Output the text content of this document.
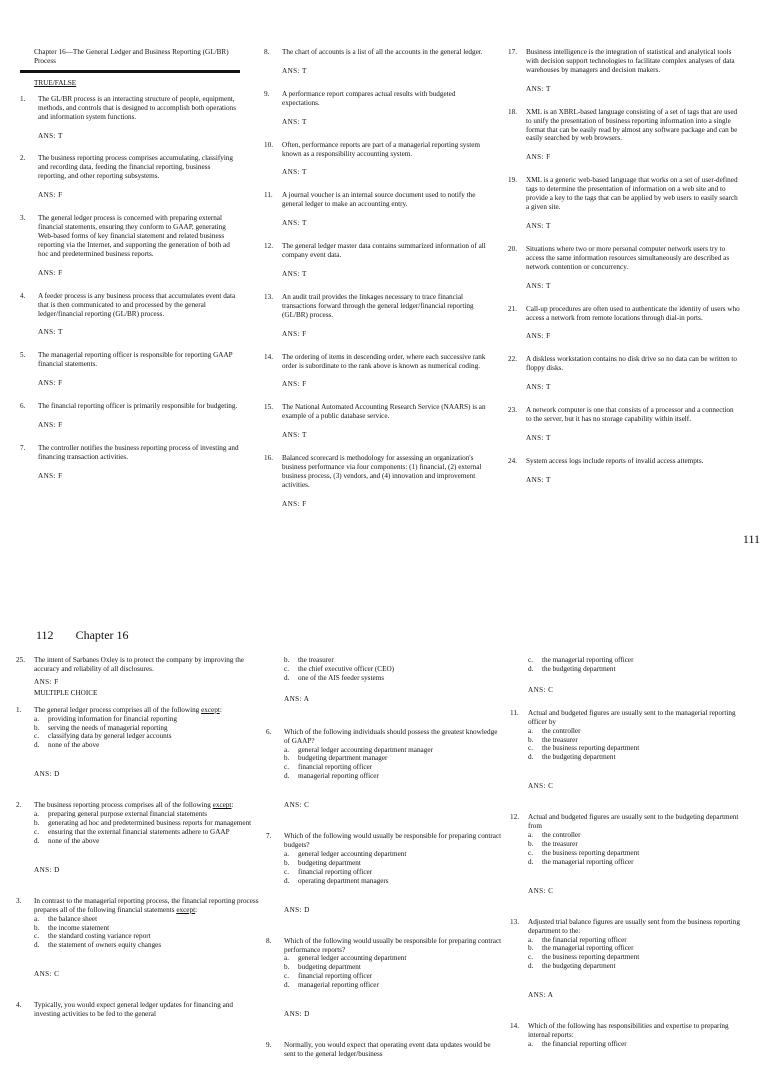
Chapter 16—The General Ledger and Business Reporting (GL/BR) Process
TRUE/FALSE
1.	The GL/BR process is an interacting structure of people, equipment, methods, and controls that is designed to accomplish both operations and information system functions.
ANS: T
2.	The business reporting process comprises accumulating, classifying and recording data, feeding the financial reporting, business reporting, and other reporting subsystems.
ANS: F
3.	The general ledger process is concerned with preparing external financial statements, ensuring they conform to GAAP, generating Web-based forms of key financial statement and related business reporting via the Internet, and supporting the generation of both ad hoc and predetermined business reports.
ANS: F
4.	A feeder process is any business process that accumulates event data that is then communicated to and processed by the general ledger/financial reporting (GL/BR) process.
ANS: T
5.	The managerial reporting officer is responsible for reporting GAAP financial statements.
ANS: F
6.	The financial reporting officer is primarily responsible for budgeting.
ANS: F
7.	The controller notifies the business reporting process of investing and financing transaction activities.
ANS: F
8.	The chart of accounts is a list of all the accounts in the general ledger.
ANS: T
9.	A performance report compares actual results with budgeted expectations.
ANS: T
10.	Often, performance reports are part of a managerial reporting system known as a responsibility accounting system.
ANS: T
11.	A journal voucher is an internal source document used to notify the general ledger to make an accounting entry.
ANS: T
12.	The general ledger master data contains summarized information of all company event data.
ANS: T
13.	An audit trail provides the linkages necessary to trace financial transactions forward through the general ledger/financial reporting (GL/BR) process.
ANS: F
14.	The ordering of items in descending order, where each successive rank order is subordinate to the rank above is known as numerical coding.
ANS: F
15.	The National Automated Accounting Research Service (NAARS) is an example of a public database service.
ANS: T
16.	Balanced scorecard is methodology for assessing an organization's business performance via four components: (1) financial, (2) external business process, (3) vendors, and (4) innovation and improvement activities.
ANS: F
17.	Business intelligence is the integration of statistical and analytical tools with decision support technologies to facilitate complex analyses of data warehouses by managers and decision makers.
ANS: T
18.	XML is an XBRL-based language consisting of a set of tags that are used to unify the presentation of business reporting information into a single format that can be easily read by almost any software package and can be easily searched by web browsers.
ANS: F
19.	XML is a generic web-based language that works on a set of user-defined tags to determine the presentation of information on a web site and to provide a key to the tags that can be applied by web users to easily search a given site.
ANS: T
20.	Situations where two or more personal computer network users try to access the same information resources simultaneously are described as network contention or concurrency.
ANS: T
21.	Call-up procedures are often used to authenticate the identity of users who access a network from remote locations through dial-in ports.
ANS: F
22.	A diskless workstation contains no disk drive so no data can be written to floppy disks.
ANS: T
23.	A network computer is one that consists of a processor and a connection to the server, but it has no storage capability within itself.
ANS: T
24.	System access logs include reports of invalid access attempts.
ANS: T
111
112 Chapter 16
25.	The intent of Sarbanes Oxley is to protect the company by improving the accuracy and reliability of all disclosures.
ANS: F
MULTIPLE CHOICE
1.	The general ledger process comprises all of the following except:
a.	providing information for financial reporting
b.	serving the needs of managerial reporting
c.	classifying data by general ledger accounts
d.	none of the above
ANS: D
2.	The business reporting process comprises all of the following except:
a.	preparing general purpose external financial statements
b.	generating ad hoc and predetermined business reports for management
c.	ensuring that the external financial statements adhere to GAAP
d.	none of the above
ANS: D
3.	In contrast to the managerial reporting process, the financial reporting process prepares all of the following financial statements except:
a.	the balance sheet
b.	the income statement
c.	the standard costing variance report
d.	the statement of owners equity changes
ANS: C
4.	Typically, you would expect general ledger updates for financing and investing activities to be fed to the general
b.	the treasurer
c.	the chief executive officer (CEO)
d.	one of the AIS feeder systems
ANS: A
6.	Which of the following individuals should possess the greatest knowledge of GAAP?
a.	general ledger accounting department manager
b.	budgeting department manager
c.	financial reporting officer
d.	managerial reporting officer
ANS: C
7.	Which of the following would usually be responsible for preparing contract budgets?
a.	general ledger accounting department
b.	budgeting department
c.	financial reporting officer
d.	operating department managers
ANS: D
8.	Which of the following would usually be responsible for preparing contract performance reports?
a.	general ledger accounting department
b.	budgeting department
c.	financial reporting officer
d.	managerial reporting officer
ANS: D
9.	Normally, you would expect that operating event data updates would be sent to the general ledger/business
c.	the managerial reporting officer
d.	the budgeting department
ANS: C
11.	Actual and budgeted figures are usually sent to the managerial reporting officer by
a.	the controller
b.	the treasurer
c.	the business reporting department
d.	the budgeting department
ANS: C
12.	Actual and budgeted figures are usually sent to the budgeting department from
a.	the controller
b.	the treasurer
c.	the business reporting department
d.	the managerial reporting officer
ANS: C
13.	Adjusted trial balance figures are usually sent from the business reporting department to the:
a.	the financial reporting officer
b.	the managerial reporting officer
c.	the business reporting department
d.	the budgeting department
ANS: A
14.	Which of the following has responsibilities and expertise to preparing internal reports:
a.	the financial reporting officer
